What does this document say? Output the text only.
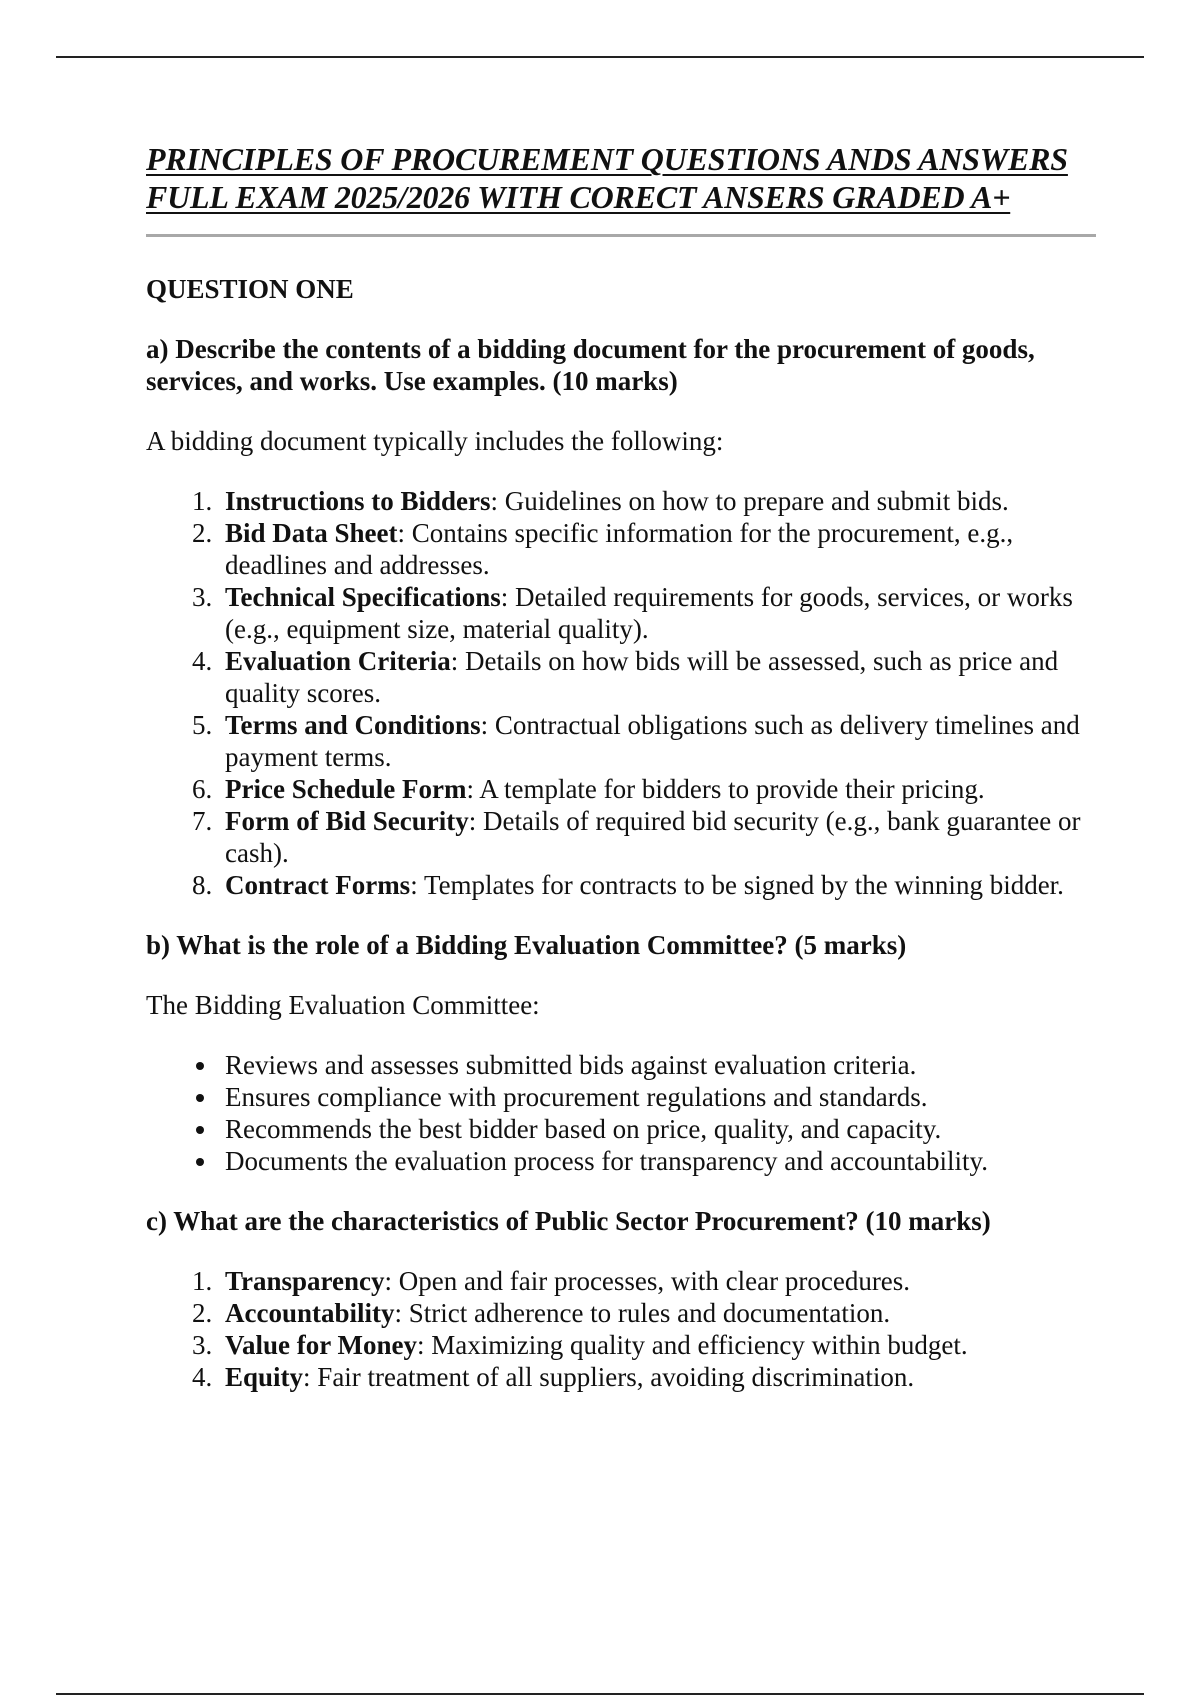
PRINCIPLES OF PROCUREMENT QUESTIONS ANDS ANSWERS
FULL EXAM 2025/2026 WITH CORECT ANSERS GRADED A+
QUESTION ONE

a) Describe the contents of a bidding document for the procurement of goods, services, and works. Use examples. (10 marks)

A bidding document typically includes the following:

1. Instructions to Bidders: Guidelines on how to prepare and submit bids.
2. Bid Data Sheet: Contains specific information for the procurement, e.g., deadlines and addresses.
3. Technical Specifications: Detailed requirements for goods, services, or works (e.g., equipment size, material quality).
4. Evaluation Criteria: Details on how bids will be assessed, such as price and quality scores.
5. Terms and Conditions: Contractual obligations such as delivery timelines and payment terms.
6. Price Schedule Form: A template for bidders to provide their pricing.
7. Form of Bid Security: Details of required bid security (e.g., bank guarantee or cash).
8. Contract Forms: Templates for contracts to be signed by the winning bidder.

b) What is the role of a Bidding Evaluation Committee? (5 marks)

The Bidding Evaluation Committee:

• Reviews and assesses submitted bids against evaluation criteria.
• Ensures compliance with procurement regulations and standards.
• Recommends the best bidder based on price, quality, and capacity.
• Documents the evaluation process for transparency and accountability.

c) What are the characteristics of Public Sector Procurement? (10 marks)

1. Transparency: Open and fair processes, with clear procedures.
2. Accountability: Strict adherence to rules and documentation.
3. Value for Money: Maximizing quality and efficiency within budget.
4. Equity: Fair treatment of all suppliers, avoiding discrimination.
